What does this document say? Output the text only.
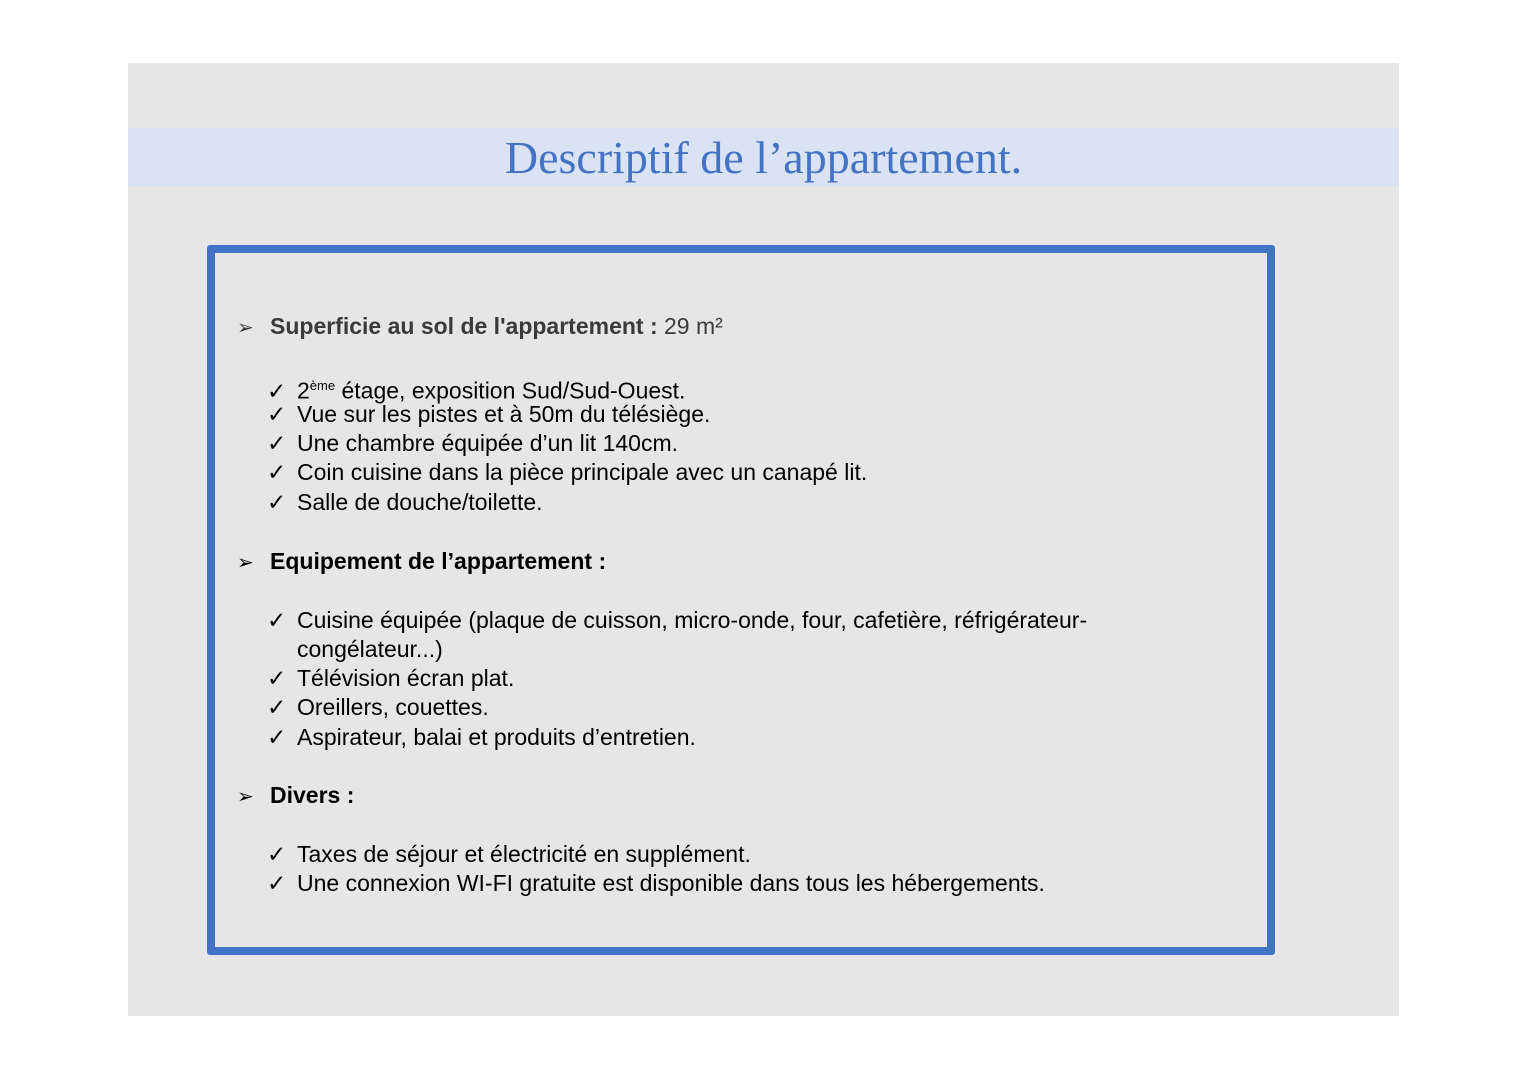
Descriptif de l’appartement.
➢ Superficie au sol de l'appartement : 29 m²
✓ 2ème étage, exposition Sud/Sud-Ouest.
✓ Vue sur les pistes et à 50m du télésiège.
✓ Une chambre équipée d’un lit 140cm.
✓ Coin cuisine dans la pièce principale avec un canapé lit.
✓ Salle de douche/toilette.
➢ Equipement de l’appartement :
✓ Cuisine équipée (plaque de cuisson, micro-onde, four, cafetière, réfrigérateur-
congélateur...)
✓ Télévision écran plat.
✓ Oreillers, couettes.
✓ Aspirateur, balai et produits d’entretien.
➢ Divers :
✓ Taxes de séjour et électricité en supplément.
✓ Une connexion WI-FI gratuite est disponible dans tous les hébergements.
